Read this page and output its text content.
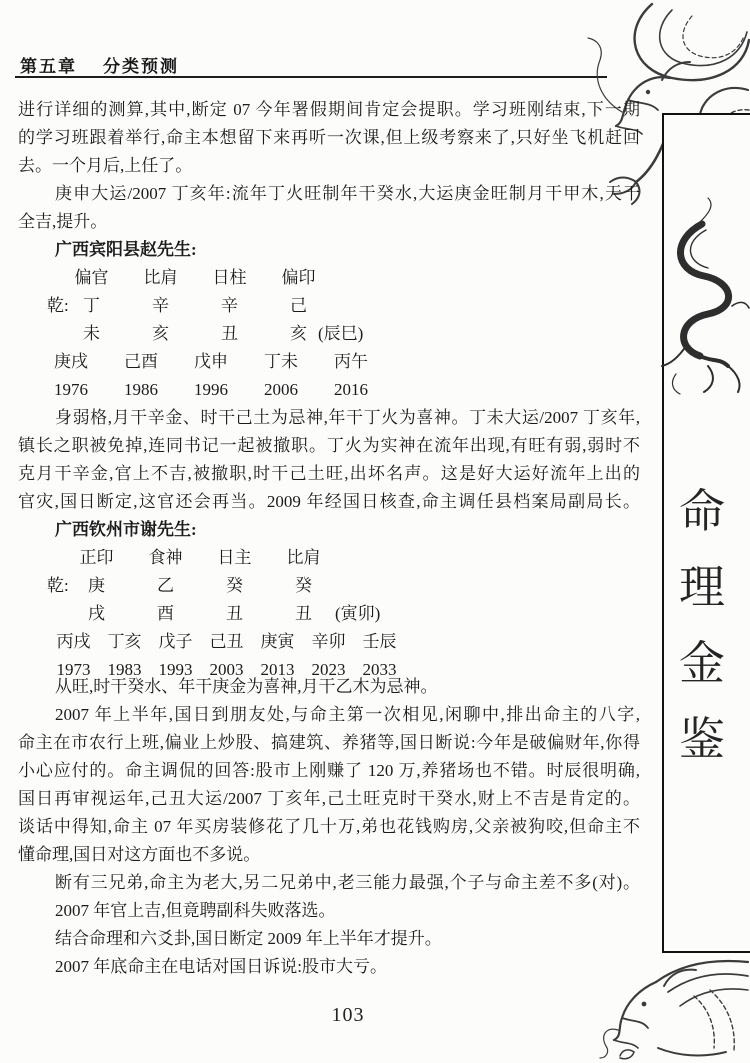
第五章 分类预测
进行详细的测算,其中,断定 07 今年署假期间肯定会提职。学习班刚结束,下一期
的学习班跟着举行,命主本想留下来再听一次课,但上级考察来了,只好坐飞机赶回
去。一个月后,上任了。
庚申大运/2007 丁亥年:流年丁火旺制年干癸水,大运庚金旺制月干甲木,天干
全吉,提升。
广西宾阳县赵先生:
偏官	比肩	日柱	偏印
乾: 丁	辛	辛	己
未	亥	丑	亥 (辰巳)
庚戌	己酉	戊申	丁未	丙午
1976	1986	1996	2006	2016
身弱格,月干辛金、时干己土为忌神,年干丁火为喜神。丁未大运/2007 丁亥年,
镇长之职被免掉,连同书记一起被撤职。丁火为实神在流年出现,有旺有弱,弱时不
克月干辛金,官上不吉,被撤职,时干己土旺,出坏名声。这是好大运好流年上出的
官灾,国日断定,这官还会再当。2009 年经国日核查,命主调任县档案局副局长。
广西钦州市谢先生:
正印	食神	日主	比肩
乾:	庚	乙	癸	癸
戌	酉	丑	丑	(寅卯)
丙戌	丁亥	戊子	己丑	庚寅	辛卯	壬辰
1973	1983	1993	2003	2013	2023	2033
从旺,时干癸水、年干庚金为喜神,月干乙木为忌神。
2007 年上半年,国日到朋友处,与命主第一次相见,闲聊中,排出命主的八字,
命主在市农行上班,偏业上炒股、搞建筑、养猪等,国日断说:今年是破偏财年,你得
小心应付的。命主调侃的回答:股市上刚赚了 120 万,养猪场也不错。时辰很明确,
国日再审视运年,己丑大运/2007 丁亥年,己土旺克时干癸水,财上不吉是肯定的。
谈话中得知,命主 07 年买房装修花了几十万,弟也花钱购房,父亲被狗咬,但命主不
懂命理,国日对这方面也不多说。
断有三兄弟,命主为老大,另二兄弟中,老三能力最强,个子与命主差不多(对)。
2007 年官上吉,但竟聘副科失败落选。
结合命理和六爻卦,国日断定 2009 年上半年才提升。
2007 年底命主在电话对国日诉说:股市大亏。
命
理
金
鉴
103
